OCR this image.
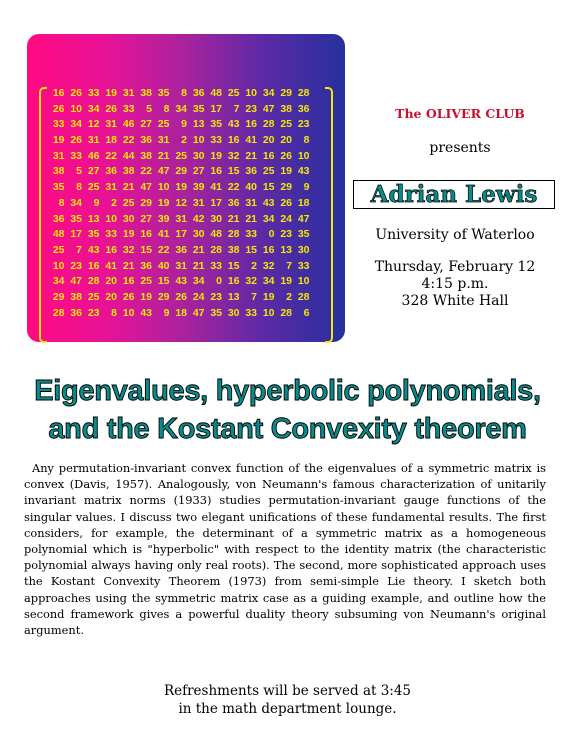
16 26 33 19 31 38 35	8 36 48 25 10 34 29 28
26 10 34 26 33	5	8 34 35 17	7 23 47 38 36
33 34 12 31 46 27 25	9 13 35 43 16 28 25 23
19 26 31 18 22 36 31	2 10 33 16 41 20 20	8
31 33 46 22 44 38 21 25 30 19 32 21 16 26 10
38	5 27 36 38 22 47 29 27 16 15 36 25 19 43
35	8 25 31 21 47 10 19 39 41 22 40 15 29	9
8 34	9	2 25 29 19 12 31 17 36 31 43 26 18
36 35 13 10 30 27 39 31 42 30 21 21 34 24 47
48 17 35 33 19 16 41 17 30 48 28 33	0 23 35
25	7 43 16 32 15 22 36 21 28 38 15 16 13 30
10 23 16 41 21 36 40 31 21 33 15	2 32	7 33
34 47 28 20 16 25 15 43 34	0 16 32 34 19 10
29 38 25 20 26 19 29 26 24 23 13	7 19	2 28
28 36 23	8 10 43	9 18 47 35 30 33 10 28	6
The OLIVER CLUB
presents
Adrian Lewis
University of Waterloo
Thursday, February 12
4:15 p.m.
328 White Hall
Eigenvalues, hyperbolic polynomials,
and the Kostant Convexity theorem
Any permutation-invariant convex function of the eigenvalues of a symmetric matrix is convex (Davis, 1957). Analogously, von Neumann's famous characterization of unitarily invariant matrix norms (1933) studies permutation-invariant gauge functions of the singular values. I discuss two elegant unifications of these fundamental results. The first considers, for example, the determinant of a symmetric matrix as a homogeneous polynomial which is "hyperbolic" with respect to the identity matrix (the characteristic polynomial always having only real roots). The second, more sophisticated approach uses the Kostant Convexity Theorem (1973) from semi-simple Lie theory. I sketch both approaches using the symmetric matrix case as a guiding example, and outline how the second framework gives a powerful duality theory subsuming von Neumann's original argument.
Refreshments will be served at 3:45
in the math department lounge.
